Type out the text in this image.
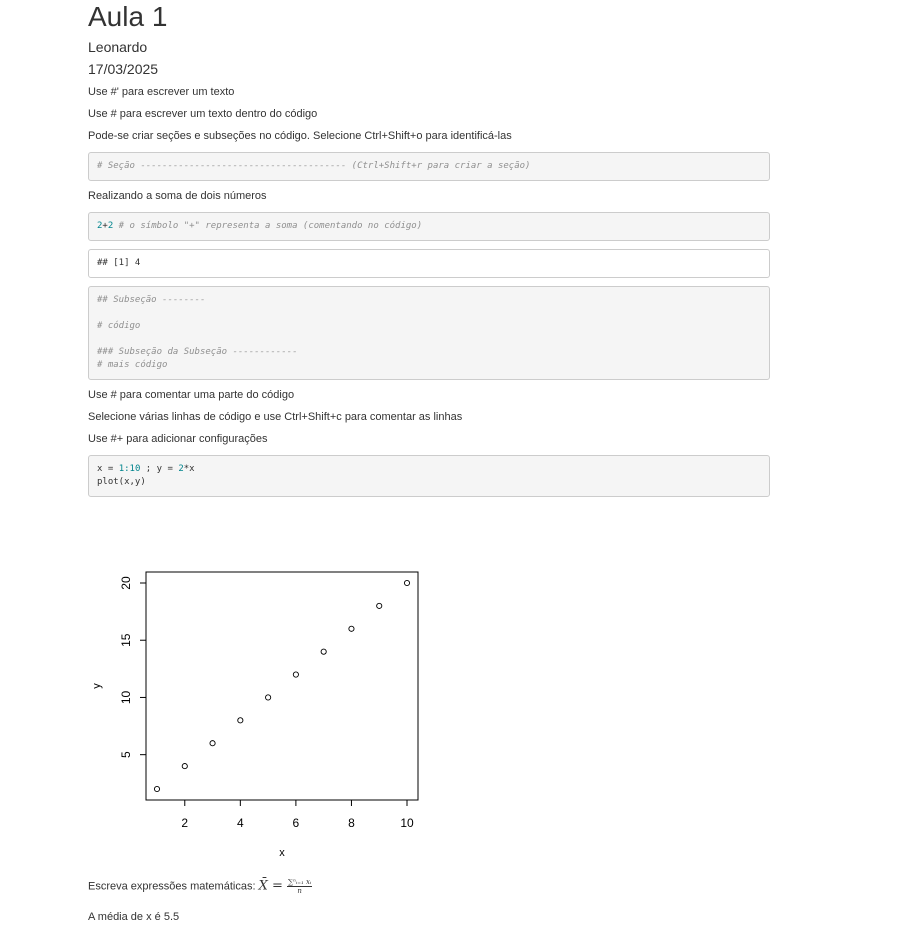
Aula 1
Leonardo
17/03/2025

Use #' para escrever um texto

Use # para escrever um texto dentro do código

Pode-se criar seções e subseções no código. Selecione Ctrl+Shift+o para identificá-las

# Seção -------------------------------------- (Ctrl+Shift+r para criar a seção)

Realizando a soma de dois números

2+2 # o símbolo "+" representa a soma (comentando no código)
## [1] 4
## Subseção --------

# código

### Subseção da Subseção ------------
# mais código

Use # para comentar uma parte do código

Selecione várias linhas de código e use Ctrl+Shift+c para comentar as linhas

Use #+ para adicionar configurações

x = 1:10 ; y = 2*x
plot(x,y)
2	4	6	8	10
5
10
15
20
x
y
Escreva expressões matemáticas: X̄ = $\frac{\text{∑ⁿᵢ₌₁ xᵢ}}{n}$
A média de x é 5.5
